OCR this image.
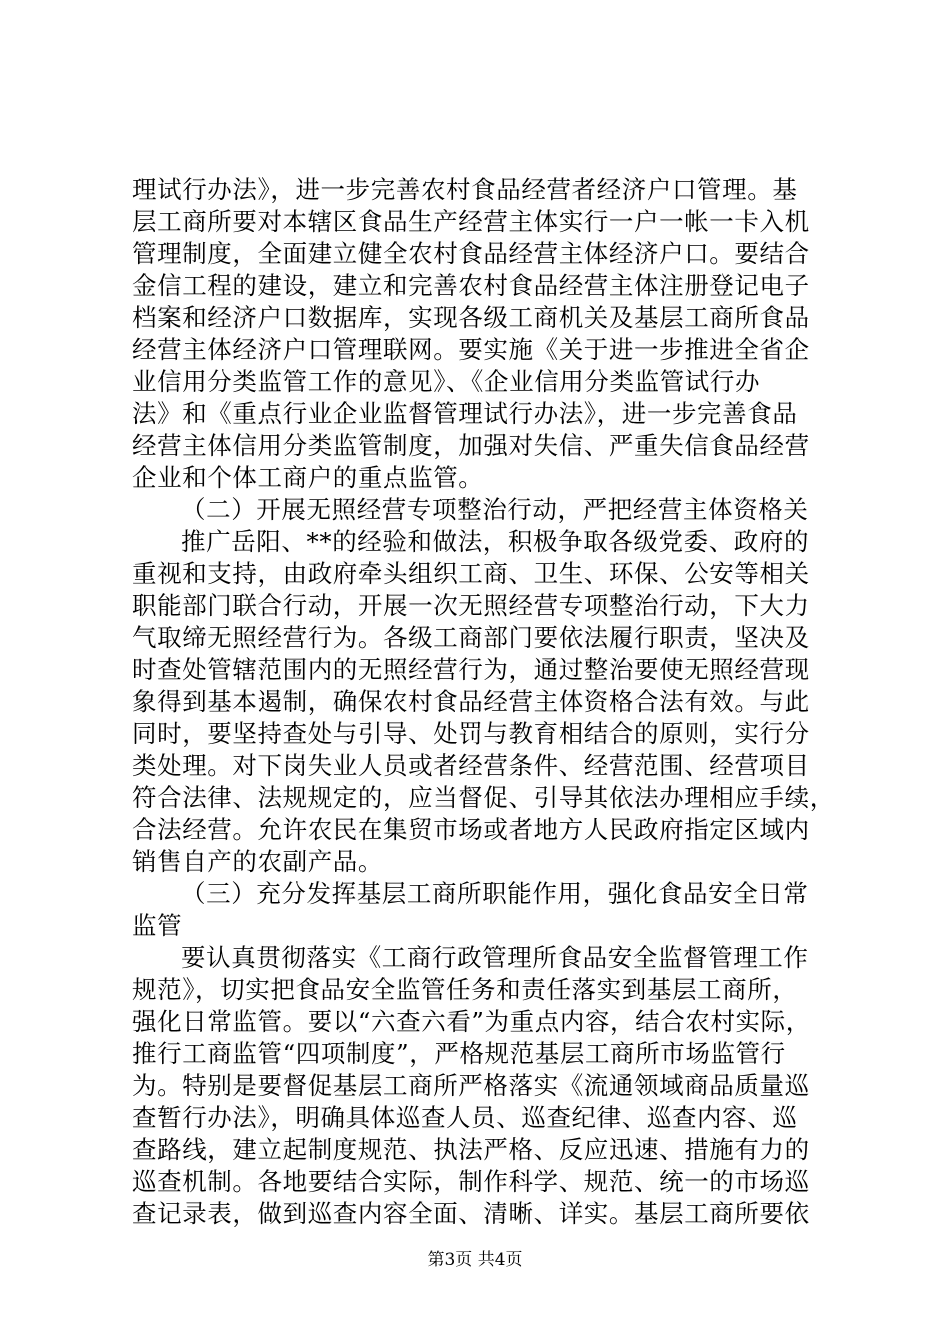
理试行办法》，进一步完善农村食品经营者经济户口管理。基
层工商所要对本辖区食品生产经营主体实行一户一帐一卡入机
管理制度，全面建立健全农村食品经营主体经济户口。要结合
金信工程的建设，建立和完善农村食品经营主体注册登记电子
档案和经济户口数据库，实现各级工商机关及基层工商所食品
经营主体经济户口管理联网。要实施《关于进一步推进全省企
业信用分类监管工作的意见》、《企业信用分类监管试行办
法》和《重点行业企业监督管理试行办法》，进一步完善食品
经营主体信用分类监管制度，加强对失信、严重失信食品经营
企业和个体工商户的重点监管。
（二）开展无照经营专项整治行动，严把经营主体资格关
推广岳阳、**的经验和做法，积极争取各级党委、政府的
重视和支持，由政府牵头组织工商、卫生、环保、公安等相关
职能部门联合行动，开展一次无照经营专项整治行动，下大力
气取缔无照经营行为。各级工商部门要依法履行职责，坚决及
时查处管辖范围内的无照经营行为，通过整治要使无照经营现
象得到基本遏制，确保农村食品经营主体资格合法有效。与此
同时，要坚持查处与引导、处罚与教育相结合的原则，实行分
类处理。对下岗失业人员或者经营条件、经营范围、经营项目
符合法律、法规规定的，应当督促、引导其依法办理相应手续，
合法经营。允许农民在集贸市场或者地方人民政府指定区域内
销售自产的农副产品。
（三）充分发挥基层工商所职能作用，强化食品安全日常
监管
要认真贯彻落实《工商行政管理所食品安全监督管理工作
规范》，切实把食品安全监管任务和责任落实到基层工商所，
强化日常监管。要以“六查六看”为重点内容，结合农村实际，
推行工商监管“四项制度”，严格规范基层工商所市场监管行
为。特别是要督促基层工商所严格落实《流通领域商品质量巡
查暂行办法》，明确具体巡查人员、巡查纪律、巡查内容、巡
查路线，建立起制度规范、执法严格、反应迅速、措施有力的
巡查机制。各地要结合实际，制作科学、规范、统一的市场巡
查记录表，做到巡查内容全面、清晰、详实。基层工商所要依
第3页 共4页
